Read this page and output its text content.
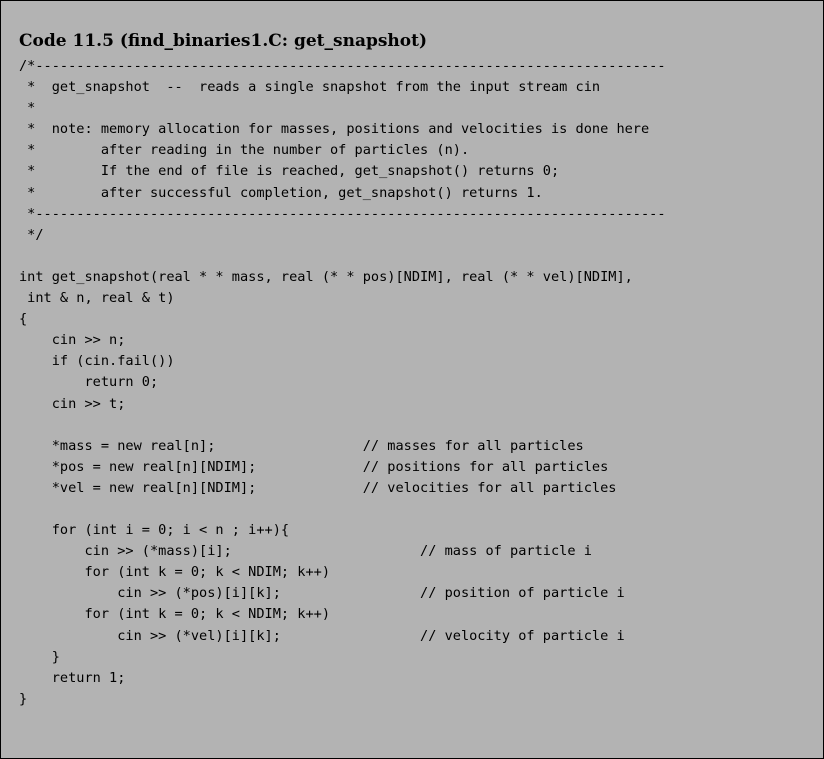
Code 11.5 (find_binaries1.C: get_snapshot)
/*-----------------------------------------------------------------------------
*  get_snapshot  --  reads a single snapshot from the input stream cin
*
*  note: memory allocation for masses, positions and velocities is done here
*        after reading in the number of particles (n).
*        If the end of file is reached, get_snapshot() returns 0;
*        after successful completion, get_snapshot() returns 1.
*-----------------------------------------------------------------------------
*/
int get_snapshot(real * * mass, real (* * pos)[NDIM], real (* * vel)[NDIM],
int & n, real & t)
{
cin >> n;
if (cin.fail())
return 0;
cin >> t;
*mass = new real[n];                  // masses for all particles
*pos = new real[n][NDIM];             // positions for all particles
*vel = new real[n][NDIM];             // velocities for all particles
for (int i = 0; i < n ; i++){
cin >> (*mass)[i];                       // mass of particle i
for (int k = 0; k < NDIM; k++)
cin >> (*pos)[i][k];                 // position of particle i
for (int k = 0; k < NDIM; k++)
cin >> (*vel)[i][k];                 // velocity of particle i
}
return 1;
}
